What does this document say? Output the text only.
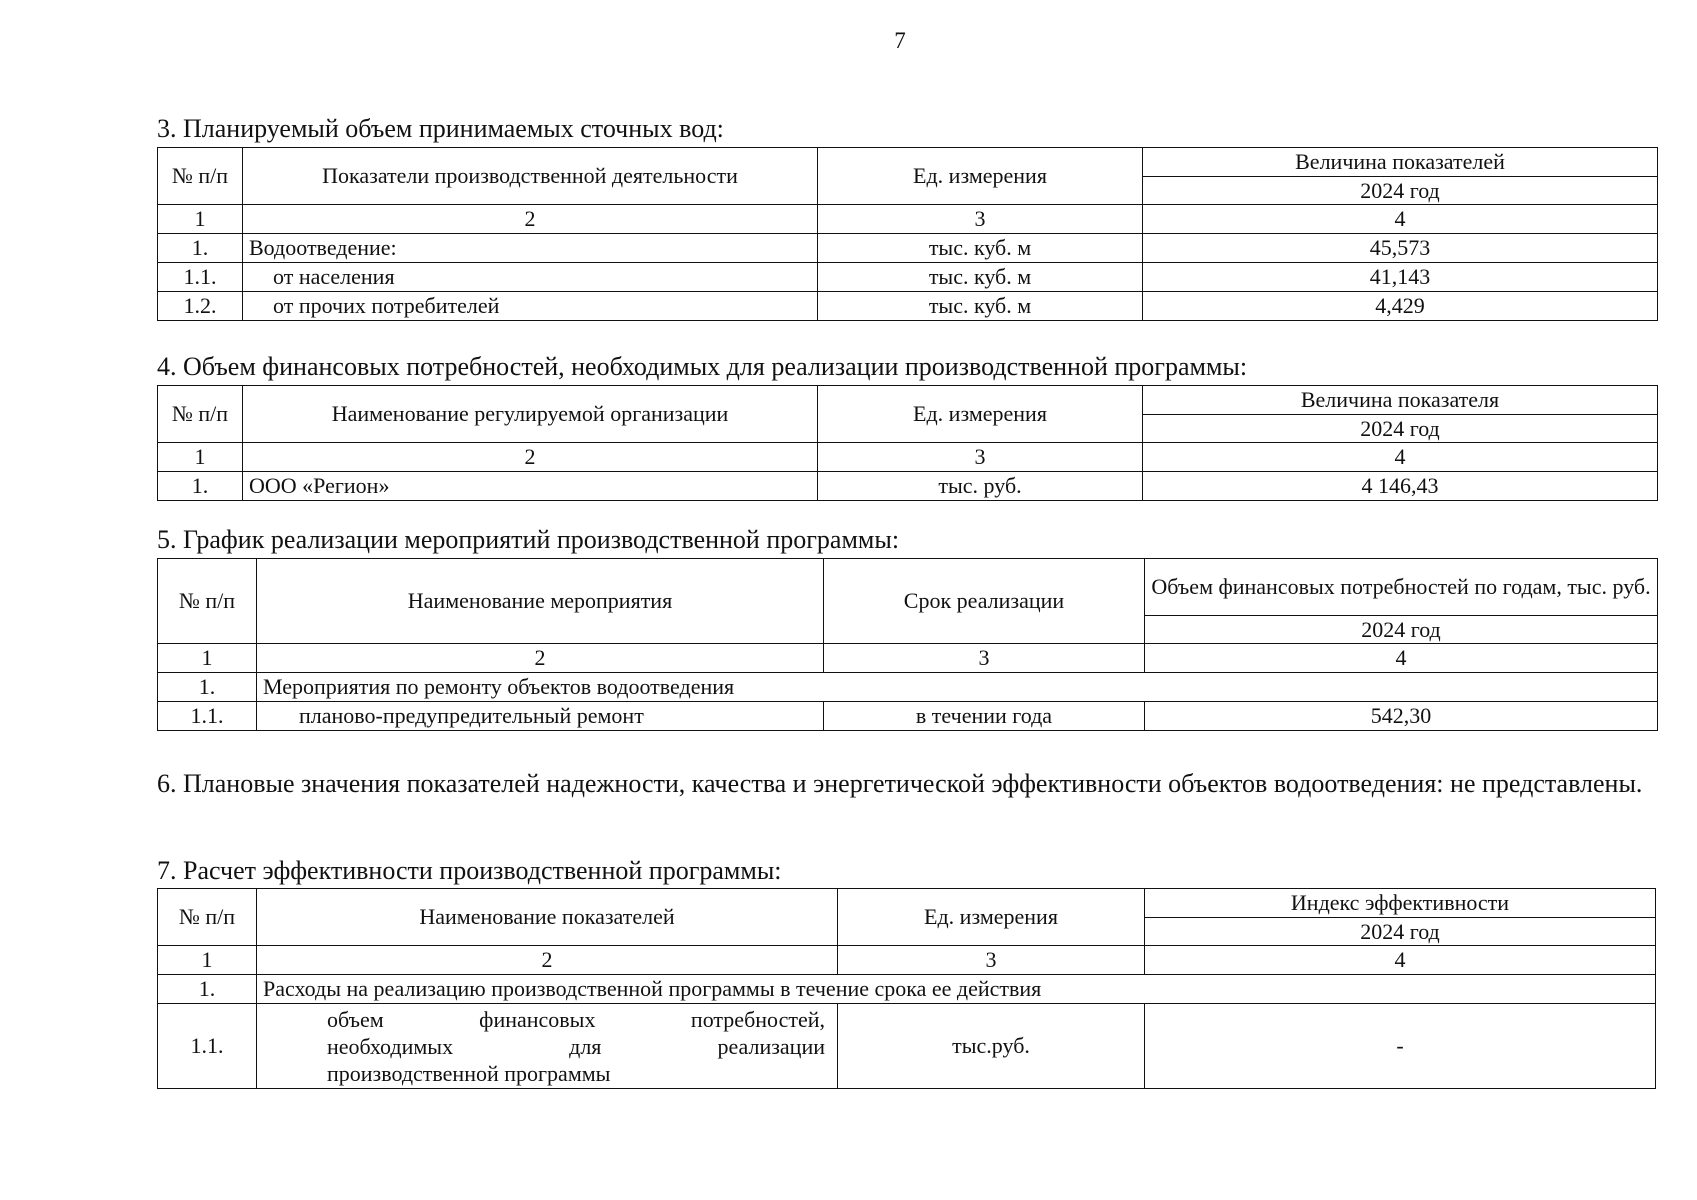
7
3. Планируемый объем принимаемых сточных вод:
№ п/п	Показатели производственной деятельности	Ед. измерения	Величина показателей
			2024 год
1	2	3	4
1.	Водоотведение:	тыс. куб. м	45,573
1.1.	от населения	тыс. куб. м	41,143
1.2.	от прочих потребителей	тыс. куб. м	4,429
4. Объем финансовых потребностей, необходимых для реализации производственной программы:
№ п/п	Наименование регулируемой организации	Ед. измерения	Величина показателя
			2024 год
1	2	3	4
1.	ООО «Регион»	тыс. руб.	4 146,43
5. График реализации мероприятий производственной программы:
№ п/п	Наименование мероприятия	Срок реализации	Объем финансовых потребностей по годам, тыс. руб.
			2024 год
1	2	3	4
1.	Мероприятия по ремонту объектов водоотведения		
1.1.	планово-предупредительный ремонт	в течении года	542,30
6. Плановые значения показателей надежности, качества и энергетической эффективности объектов водоотведения: не представлены.
7. Расчет эффективности производственной программы:
№ п/п	Наименование показателей	Ед. измерения	Индекс эффективности
			2024 год
1	2	3	4
1.	Расходы на реализацию производственной программы в течение срока ее действия		
1.1.	объем финансовых потребностей,
необходимых для реализации
производственной программы	тыс.руб.	-
